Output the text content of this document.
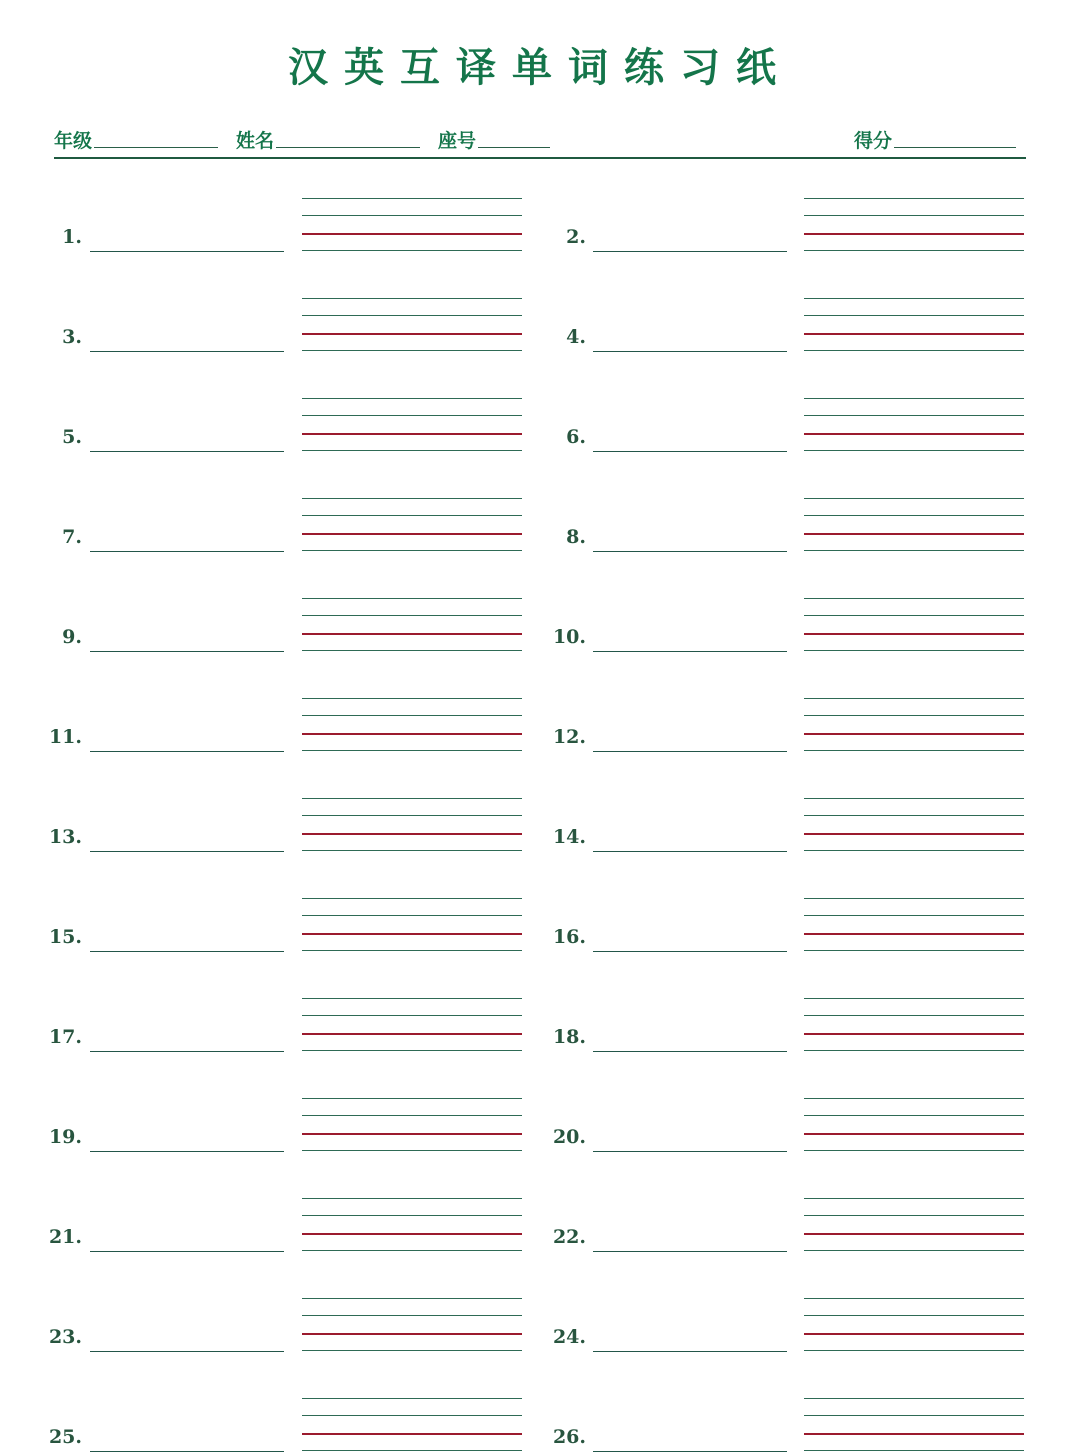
汉英互译单词练习纸
年级	姓名	座号	得分
1.	2.
3.	4.
5.	6.
7.	8.
9.	10.
11.	12.
13.	14.
15.	16.
17.	18.
19.	20.
21.	22.
23.	24.
25.	26.
